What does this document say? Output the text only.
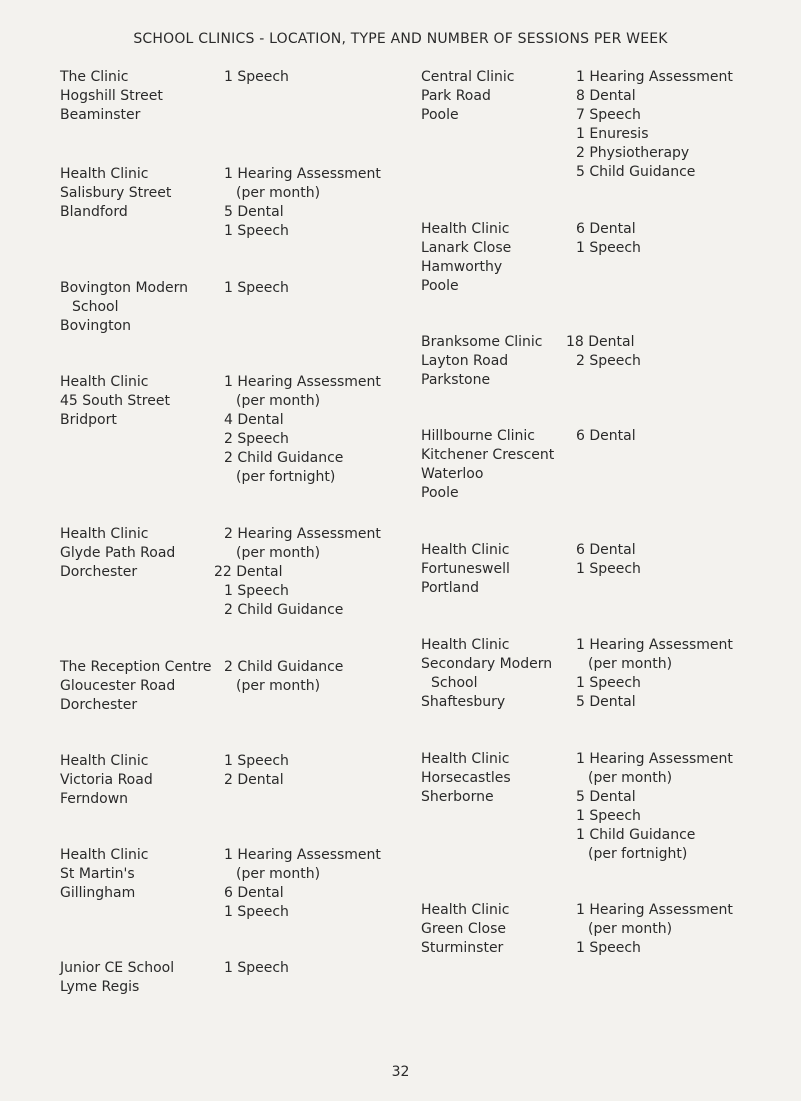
SCHOOL CLINICS - LOCATION, TYPE AND NUMBER OF SESSIONS PER WEEK
The Clinic
Hogshill Street
Beaminster
1 Speech
Health Clinic
Salisbury Street
Blandford
1 Hearing Assessment
(per month)
5 Dental
1 Speech
Bovington Modern
School
Bovington
1 Speech
Health Clinic
45 South Street
Bridport
1 Hearing Assessment
(per month)
4 Dental
2 Speech
2 Child Guidance
(per fortnight)
Health Clinic
Glyde Path Road
Dorchester
2 Hearing Assessment
(per month)
22 Dental
1 Speech
2 Child Guidance
The Reception Centre
Gloucester Road
Dorchester
2 Child Guidance
(per month)
Health Clinic
Victoria Road
Ferndown
1 Speech
2 Dental
Health Clinic
St Martin's
Gillingham
1 Hearing Assessment
(per month)
6 Dental
1 Speech
Junior CE School
Lyme Regis
1 Speech
Central Clinic
Park Road
Poole
1 Hearing Assessment
8 Dental
7 Speech
1 Enuresis
2 Physiotherapy
5 Child Guidance
Health Clinic
Lanark Close
Hamworthy
Poole
6 Dental
1 Speech
Branksome Clinic
Layton Road
Parkstone
18 Dental
2 Speech
Hillbourne Clinic
Kitchener Crescent
Waterloo
Poole
6 Dental
Health Clinic
Fortuneswell
Portland
6 Dental
1 Speech
Health Clinic
Secondary Modern
School
Shaftesbury
1 Hearing Assessment
(per month)
1 Speech
5 Dental
Health Clinic
Horsecastles
Sherborne
1 Hearing Assessment
(per month)
5 Dental
1 Speech
1 Child Guidance
(per fortnight)
Health Clinic
Green Close
Sturminster
1 Hearing Assessment
(per month)
1 Speech
32
